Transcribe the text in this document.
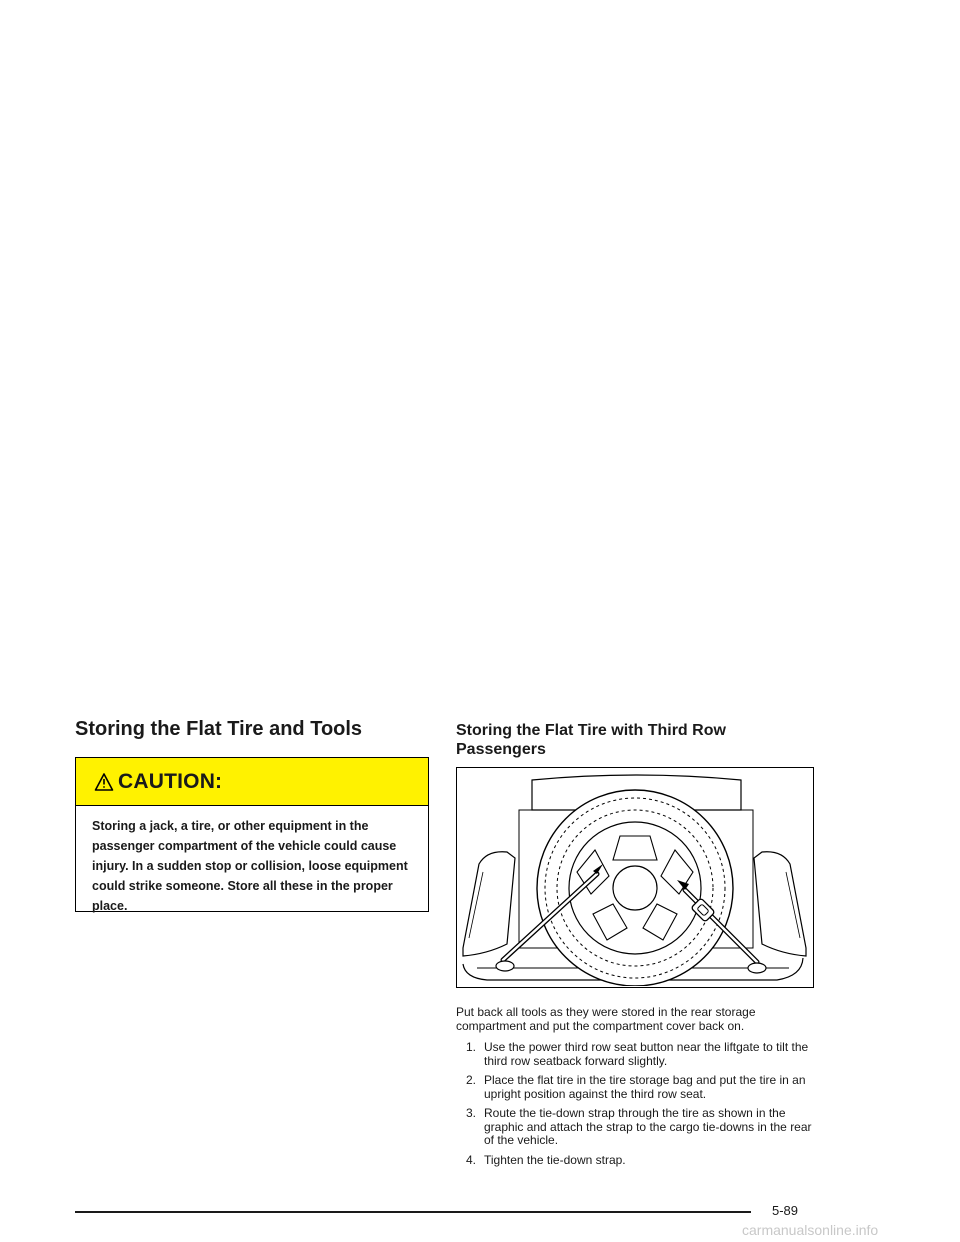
Storing the Flat Tire and Tools
CAUTION:
Storing a jack, a tire, or other equipment in the passenger compartment of the vehicle could cause injury. In a sudden stop or collision, loose equipment could strike someone. Store all these in the proper place.
Storing the Flat Tire with Third Row Passengers

Put back all tools as they were stored in the rear storage compartment and put the compartment cover back on.

1. Use the power third row seat button near the liftgate to tilt the third row seatback forward slightly.
2. Place the flat tire in the tire storage bag and put the tire in an upright position against the third row seat.
3. Route the tie-down strap through the tire as shown in the graphic and attach the strap to the cargo tie-downs in the rear of the vehicle.
4. Tighten the tie-down strap.
5-89
carmanualsonline.info
